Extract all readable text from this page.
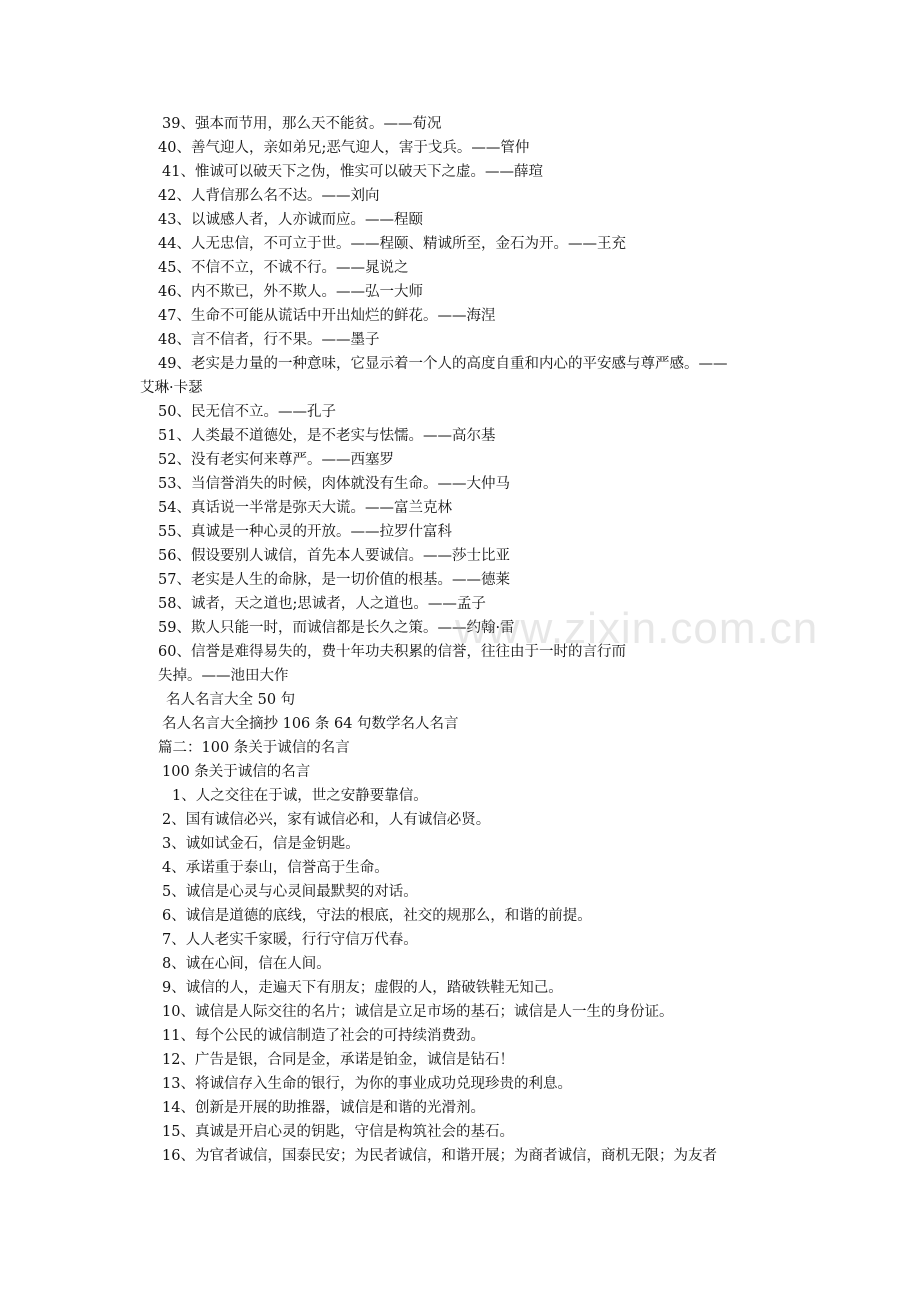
39、强本而节用，那么天不能贫。——荀况
40、善气迎人，亲如弟兄;恶气迎人，害于戈兵。——管仲
41、惟诚可以破天下之伪，惟实可以破天下之虚。——薛瑄
42、人背信那么名不达。——刘向
43、以诚感人者，人亦诚而应。——程颐
44、人无忠信，不可立于世。——程颐、精诚所至，金石为开。——王充
45、不信不立，不诚不行。——晁说之
46、内不欺已，外不欺人。——弘一大师
47、生命不可能从谎话中开出灿烂的鲜花。——海涅
48、言不信者，行不果。——墨子
49、老实是力量的一种意味，它显示着一个人的高度自重和内心的平安感与尊严感。——
艾琳·卡瑟
50、民无信不立。——孔子
51、人类最不道德处，是不老实与怯懦。——高尔基
52、没有老实何来尊严。——西塞罗
53、当信誉消失的时候，肉体就没有生命。——大仲马
54、真话说一半常是弥天大谎。——富兰克林
55、真诚是一种心灵的开放。——拉罗什富科
56、假设要别人诚信，首先本人要诚信。——莎士比亚
57、老实是人生的命脉，是一切价值的根基。——德莱
58、诚者，天之道也;思诚者，人之道也。——孟子
59、欺人只能一时，而诚信都是长久之策。——约翰·雷
60、信誉是难得易失的，费十年功夫积累的信誉，往往由于一时的言行而
失掉。——池田大作
名人名言大全 50 句
名人名言大全摘抄 106 条 64 句数学名人名言
篇二：100 条关于诚信的名言
100 条关于诚信的名言
1、人之交往在于诚，世之安静要靠信。
2、国有诚信必兴，家有诚信必和，人有诚信必贤。
3、诚如试金石，信是金钥匙。
4、承诺重于泰山，信誉高于生命。
5、诚信是心灵与心灵间最默契的对话。
6、诚信是道德的底线，守法的根底，社交的规那么，和谐的前提。
7、人人老实千家暖，行行守信万代春。
8、诚在心间，信在人间。
9、诚信的人，走遍天下有朋友；虚假的人，踏破铁鞋无知己。
10、诚信是人际交往的名片；诚信是立足市场的基石；诚信是人一生的身份证。
11、每个公民的诚信制造了社会的可持续消费劲。
12、广告是银，合同是金，承诺是铂金，诚信是钻石！
13、将诚信存入生命的银行，为你的事业成功兑现珍贵的利息。
14、创新是开展的助推器，诚信是和谐的光滑剂。
15、真诚是开启心灵的钥匙，守信是构筑社会的基石。
16、为官者诚信，国泰民安；为民者诚信，和谐开展；为商者诚信，商机无限；为友者
www.zixin.com.cn
